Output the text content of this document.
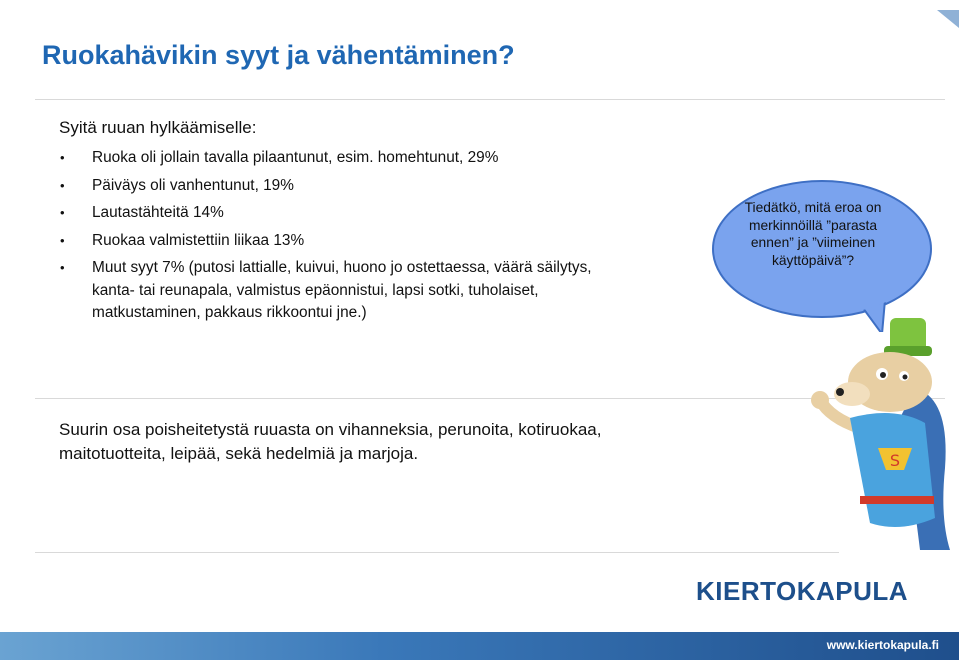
Ruokahävikin syyt ja vähentäminen?
Syitä ruuan hylkäämiselle:
• Ruoka oli jollain tavalla pilaantunut, esim. homehtunut, 29%
• Päiväys oli vanhentunut, 19%
• Lautastähteitä 14%
• Ruokaa valmistettiin liikaa 13%
• Muut syyt 7% (putosi lattialle, kuivui, huono jo ostettaessa, väärä säilytys, kanta- tai reunapala, valmistus epäonnistui, lapsi sotki, tuholaiset, matkustaminen, pakkaus rikkoontui jne.)
Suurin osa poisheitetystä ruuasta on vihanneksia, perunoita, kotiruokaa, maitotuotteita, leipää, sekä hedelmiä ja marjoja.
Tiedätkö, mitä eroa on merkinnöillä ”parasta ennen” ja ”viimeinen käyttöpäivä”?
S
KIERTOKAPULA
www.kiertokapula.fi
